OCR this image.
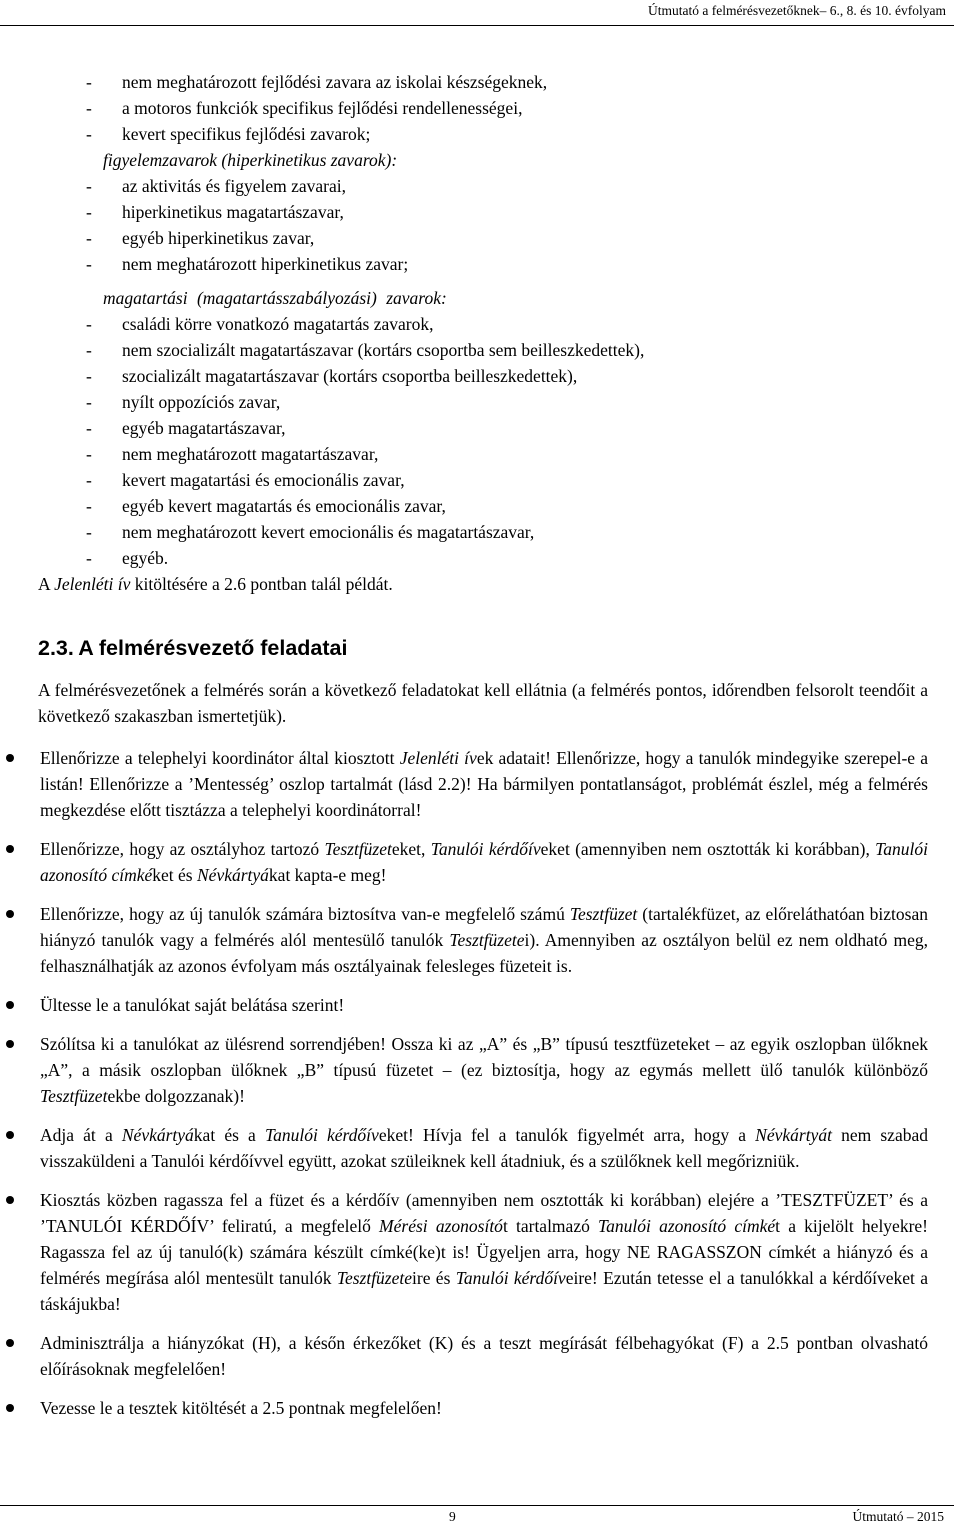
Útmutató a felmérésvezetőknek– 6., 8. és 10. évfolyam
- nem meghatározott fejlődési zavara az iskolai készségeknek,
- a motoros funkciók specifikus fejlődési rendellenességei,
- kevert specifikus fejlődési zavarok;
figyelemzavarok (hiperkinetikus zavarok):
- az aktivitás és figyelem zavarai,
- hiperkinetikus magatartászavar,
- egyéb hiperkinetikus zavar,
- nem meghatározott hiperkinetikus zavar;
magatartási (magatartásszabályozási) zavarok:
- családi körre vonatkozó magatartás zavarok,
- nem szocializált magatartászavar (kortárs csoportba sem beilleszkedettek),
- szocializált magatartászavar (kortárs csoportba beilleszkedettek),
- nyílt oppozíciós zavar,
- egyéb magatartászavar,
- nem meghatározott magatartászavar,
- kevert magatartási és emocionális zavar,
- egyéb kevert magatartás és emocionális zavar,
- nem meghatározott kevert emocionális és magatartászavar,
- egyéb.
A Jelenléti ív kitöltésére a 2.6 pontban talál példát.
2.3. A felmérésvezető feladatai
A felmérésvezetőnek a felmérés során a következő feladatokat kell ellátnia (a felmérés pontos, időrendben felsorolt teendőit a következő szakaszban ismertetjük).
Ellenőrizze a telephelyi koordinátor által kiosztott Jelenléti ívek adatait! Ellenőrizze, hogy a tanulók mindegyike szerepel-e a listán! Ellenőrizze a ’Mentesség’ oszlop tartalmát (lásd 2.2)! Ha bármilyen pontatlanságot, problémát észlel, még a felmérés megkezdése előtt tisztázza a telephelyi koordinátorral!
Ellenőrizze, hogy az osztályhoz tartozó Tesztfüzeteket, Tanulói kérdőíveket (amennyiben nem osztották ki korábban), Tanulói azonosító címkéket és Névkártyákat kapta-e meg!
Ellenőrizze, hogy az új tanulók számára biztosítva van-e megfelelő számú Tesztfüzet (tartalékfüzet, az előreláthatóan biztosan hiányzó tanulók vagy a felmérés alól mentesülő tanulók Tesztfüzetei). Amennyiben az osztályon belül ez nem oldható meg, felhasználhatják az azonos évfolyam más osztályainak felesleges füzeteit is.
Ültesse le a tanulókat saját belátása szerint!
Szólítsa ki a tanulókat az ülésrend sorrendjében! Ossza ki az „A” és „B” típusú tesztfüzeteket – az egyik oszlopban ülőknek „A”, a másik oszlopban ülőknek „B” típusú füzetet – (ez biztosítja, hogy az egymás mellett ülő tanulók különböző Tesztfüzetekbe dolgozzanak)!
Adja át a Névkártyákat és a Tanulói kérdőíveket! Hívja fel a tanulók figyelmét arra, hogy a Névkártyát nem szabad visszaküldeni a Tanulói kérdőívvel együtt, azokat szüleiknek kell átadniuk, és a szülőknek kell megőrizniük.
Kiosztás közben ragassza fel a füzet és a kérdőív (amennyiben nem osztották ki korábban) elejére a ’TESZTFÜZET’ és a ’TANULÓI KÉRDŐÍV’ feliratú, a megfelelő Mérési azonosítót tartalmazó Tanulói azonosító címkét a kijelölt helyekre! Ragassza fel az új tanuló(k) számára készült címké(ke)t is! Ügyeljen arra, hogy NE RAGASSZON címkét a hiányzó és a felmérés megírása alól mentesült tanulók Tesztfüzeteire és Tanulói kérdőíveire! Ezután tetesse el a tanulókkal a kérdőíveket a táskájukba!
Adminisztrálja a hiányzókat (H), a későn érkezőket (K) és a teszt megírását félbehagyókat (F) a 2.5 pontban olvasható előírásoknak megfelelően!
Vezesse le a tesztek kitöltését a 2.5 pontnak megfelelően!
9	Útmutató – 2015
